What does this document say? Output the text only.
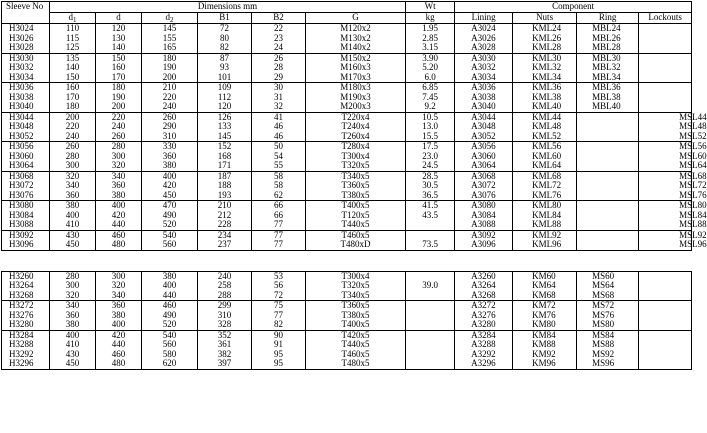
Sleeve No	Dimensions mm						Wt	Component			
	$d_1$	d	$d_2$	B1	B2	G	kg	Lining	Nuts	Ring	Lockouts
H3024	110	120	145	72	22	M120x2	1.95	A3024	KML24	MBL24	
H3026	115	130	155	80	23	M130x2	2.85	A3026	KML26	MBL26	
H3028	125	140	165	82	24	M140x2	3.15	A3028	KML28	MBL28	
H3030	135	150	180	87	26	M150x2	3.90	A3030	KML30	MBL30	
H3032	140	160	190	93	28	M160x3	5.20	A3032	KML32	MBL32	
H3034	150	170	200	101	29	M170x3	6.0	A3034	KML34	MBL34	
H3036	160	180	210	109	30	M180x3	6.85	A3036	KML36	MBL36	
H3038	170	190	220	112	31	M190x3	7.45	A3038	KML38	MBL38	
H3040	180	200	240	120	32	M200x3	9.2	A3040	KML40	MBL40	
H3044	200	220	260	126	41	T220x4	10.5	A3044	KML44		MSL44
H3048	220	240	290	133	46	T240x4	13.0	A3048	KML48		MSL48
H3052	240	260	310	145	46	T260x4	15.5	A3052	KML52		MSL52
H3056	260	280	330	152	50	T280x4	17.5	A3056	KML56		MSL56
H3060	280	300	360	168	54	T300x4	23.0	A3060	KML60		MSL60
H3064	300	320	380	171	55	T320x5	24.5	A3064	KML64		MSL64
H3068	320	340	400	187	58	T340x5	28.5	A3068	KML68		MSL68
H3072	340	360	420	188	58	T360x5	30.5	A3072	KML72		MSL72
H3076	360	380	450	193	62	T380x5	36.5	A3076	KML76		MSL76
H3080	380	400	470	210	66	T400x5	41.5	A3080	KML80		MSL80
H3084	400	420	490	212	66	T120x5	43.5	A3084	KML84		MSL84
H3088	410	440	520	228	77	T440x5		A3088	KML88		MSL88
H3092	430	460	540	234	77	T460x5		A3092	KML92		MSL92
H3096	450	480	560	237	77	T480xD	73.5	A3096	KML96		MSL96

H3260	280	300	380	240	53	T300x4		A3260	KM60	MS60	
H3264	300	320	400	258	56	T320x5	39.0	A3264	KM64	MS64	
H3268	320	340	440	288	72	T340x5		A3268	KM68	MS68	
H3272	340	360	460	299	75	T360x5		A3272	KM72	MS72	
H3276	360	380	490	310	77	T380x5		A3276	KM76	MS76	
H3280	380	400	520	328	82	T400x5		A3280	KM80	MS80	
H3284	400	420	540	352	90	T420x5		A3284	KM84	MS84	
H3288	410	440	560	361	91	T440x5		A3288	KM88	MS88	
H3292	430	460	580	382	95	T460x5		A3292	KM92	MS92	
H3296	450	480	620	397	95	T480x5		A3296	KM96	MS96	
